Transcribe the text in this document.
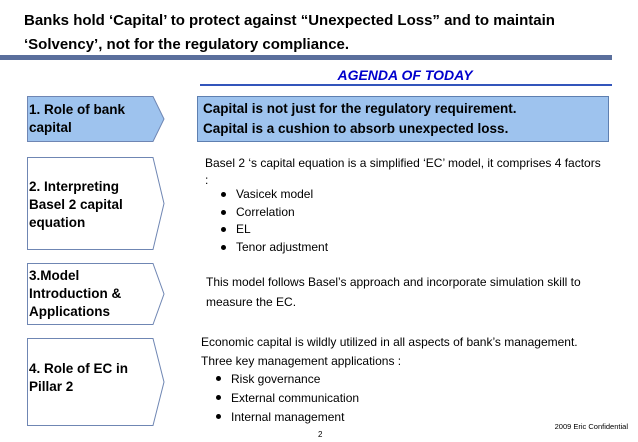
Banks hold ‘Capital’ to protect against “Unexpected Loss” and to maintain
‘Solvency’, not for the regulatory compliance.
AGENDA OF TODAY
1. Role of bank
capital
2. Interpreting
Basel 2 capital
equation
3.Model
Introduction &
Applications
4. Role of EC in
Pillar 2
Capital is not just for the regulatory requirement.
Capital is a cushion to absorb unexpected loss.
Basel 2 ‘s capital equation is a simplified ‘EC’ model, it comprises 4 factors
:
Vasicek model
Correlation
EL
Tenor adjustment
This model follows Basel’s approach and incorporate simulation skill to
measure the EC.
Economic capital is wildly utilized in all aspects of bank’s management.
Three key management applications :
Risk governance
External communication
Internal management
2009 Eric Confidential
2
